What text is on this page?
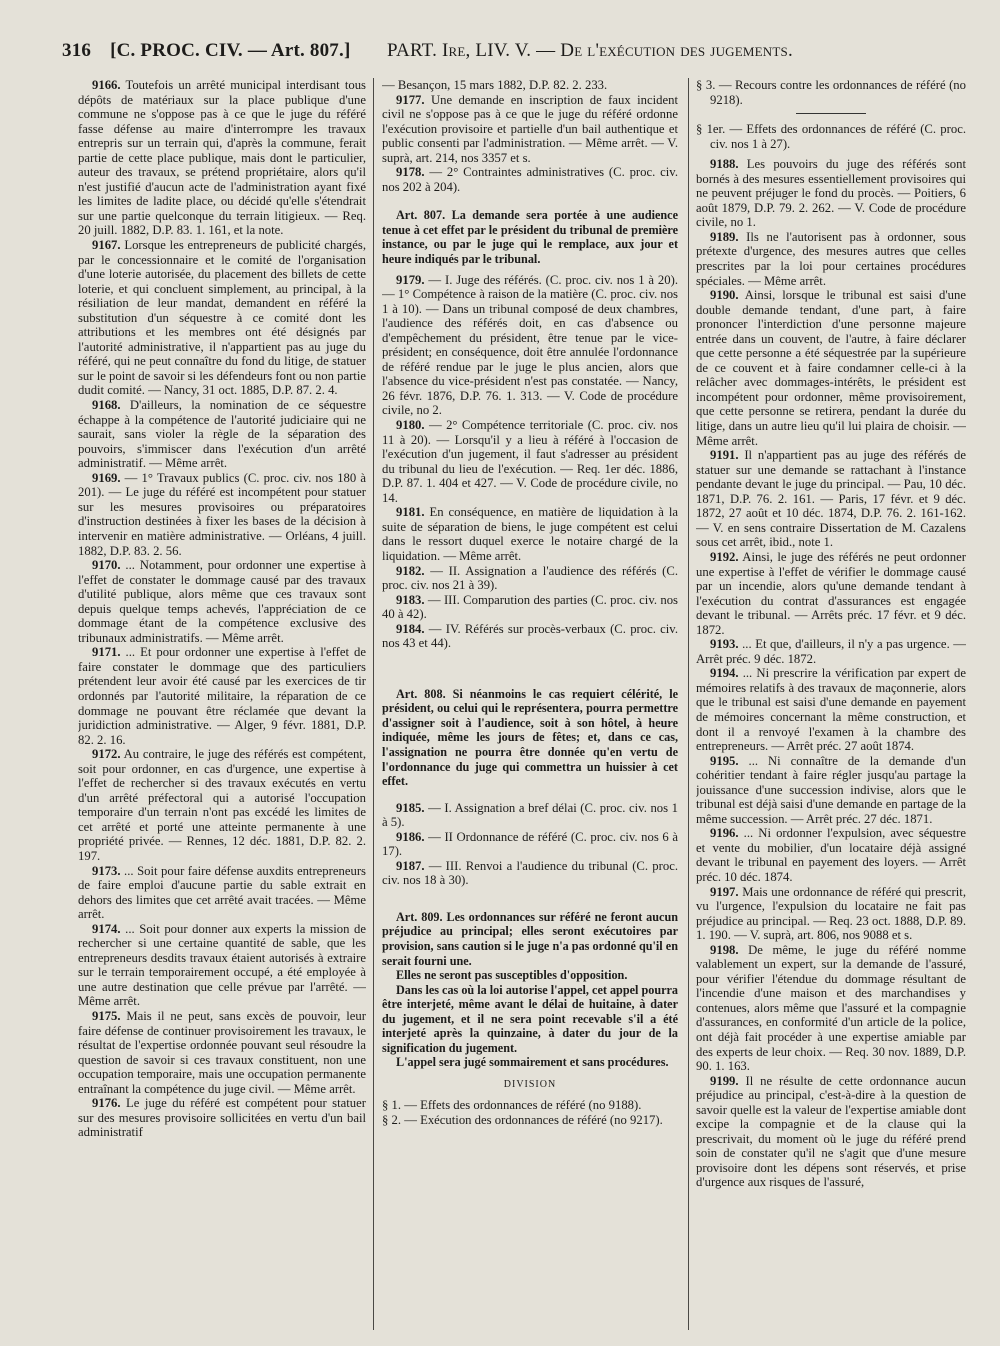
316 [C. PROC. CIV. — Art. 807.] PART. Ire, LIV. V. — De l'exécution des jugements.

9166. Toutefois un arrêté municipal interdisant tous dépôts de matériaux sur la place publique d'une commune ne s'oppose pas à ce que le juge du référé fasse défense au maire d'interrompre les travaux entrepris sur un terrain qui, d'après la commune, ferait partie de cette place publique, mais dont le particulier, auteur des travaux, se prétend propriétaire, alors qu'il n'est justifié d'aucun acte de l'administration ayant fixé les limites de ladite place, ou décidé qu'elle s'étendrait sur une partie quelconque du terrain litigieux. — Req. 20 juill. 1882, D.P. 83. 1. 161, et la note.

9167. Lorsque les entrepreneurs de publicité chargés, par le concessionnaire et le comité de l'organisation d'une loterie autorisée, du placement des billets de cette loterie, et qui concluent simplement, au principal, à la résiliation de leur mandat, demandent en référé la substitution d'un séquestre à ce comité dont les attributions et les membres ont été désignés par l'autorité administrative, il n'appartient pas au juge du référé, qui ne peut connaître du fond du litige, de statuer sur le point de savoir si les défendeurs font ou non partie dudit comité. — Nancy, 31 oct. 1885, D.P. 87. 2. 4.

9168. D'ailleurs, la nomination de ce séquestre échappe à la compétence de l'autorité judiciaire qui ne saurait, sans violer la règle de la séparation des pouvoirs, s'immiscer dans l'exécution d'un arrêté administratif. — Même arrêt.

9169. — 1° Travaux publics (C. proc. civ. nos 180 à 201). — Le juge du référé est incompétent pour statuer sur les mesures provisoires ou préparatoires d'instruction destinées à fixer les bases de la décision à intervenir en matière administrative. — Orléans, 4 juill. 1882, D.P. 83. 2. 56.

9170. ... Notamment, pour ordonner une expertise à l'effet de constater le dommage causé par des travaux d'utilité publique, alors même que ces travaux sont depuis quelque temps achevés, l'appréciation de ce dommage étant de la compétence exclusive des tribunaux administratifs. — Même arrêt.

9171. ... Et pour ordonner une expertise à l'effet de faire constater le dommage que des particuliers prétendent leur avoir été causé par les exercices de tir ordonnés par l'autorité militaire, la réparation de ce dommage ne pouvant être réclamée que devant la juridiction administrative. — Alger, 9 févr. 1881, D.P. 82. 2. 16.

9172. Au contraire, le juge des référés est compétent, soit pour ordonner, en cas d'urgence, une expertise à l'effet de rechercher si des travaux exécutés en vertu d'un arrêté préfectoral qui a autorisé l'occupation temporaire d'un terrain n'ont pas excédé les limites de cet arrêté et porté une atteinte permanente à une propriété privée. — Rennes, 12 déc. 1881, D.P. 82. 2. 197.

9173. ... Soit pour faire défense auxdits entrepreneurs de faire emploi d'aucune partie du sable extrait en dehors des limites que cet arrêté avait tracées. — Même arrêt.

9174. ... Soit pour donner aux experts la mission de rechercher si une certaine quantité de sable, que les entrepreneurs desdits travaux étaient autorisés à extraire sur le terrain temporairement occupé, a été employée à une autre destination que celle prévue par l'arrêté. — Même arrêt.

9175. Mais il ne peut, sans excès de pouvoir, leur faire défense de continuer provisoirement les travaux, le résultat de l'expertise ordonnée pouvant seul résoudre la question de savoir si ces travaux constituent, non une occupation temporaire, mais une occupation permanente entraînant la compétence du juge civil. — Même arrêt.

9176. Le juge du référé est compétent pour statuer sur des mesures provisoire sollicitées en vertu d'un bail administratif

— Besançon, 15 mars 1882, D.P. 82. 2. 233.

9177. Une demande en inscription de faux incident civil ne s'oppose pas à ce que le juge du référé ordonne l'exécution provisoire et partielle d'un bail authentique et public consenti par l'administration. — Même arrêt. — V. suprà, art. 214, nos 3357 et s.

9178. — 2° Contraintes administratives (C. proc. civ. nos 202 à 204).

Art. 807. La demande sera portée à une audience tenue à cet effet par le président du tribunal de première instance, ou par le juge qui le remplace, aux jour et heure indiqués par le tribunal.

9179. — I. Juge des référés. (C. proc. civ. nos 1 à 20). — 1° Compétence à raison de la matière (C. proc. civ. nos 1 à 10). — Dans un tribunal composé de deux chambres, l'audience des référés doit, en cas d'absence ou d'empêchement du président, être tenue par le vice-président; en conséquence, doit être annulée l'ordonnance de référé rendue par le juge le plus ancien, alors que l'absence du vice-président n'est pas constatée. — Nancy, 26 févr. 1876, D.P. 76. 1. 313. — V. Code de procédure civile, no 2.

9180. — 2° Compétence territoriale (C. proc. civ. nos 11 à 20). — Lorsqu'il y a lieu à référé à l'occasion de l'exécution d'un jugement, il faut s'adresser au président du tribunal du lieu de l'exécution. — Req. 1er déc. 1886, D.P. 87. 1. 404 et 427. — V. Code de procédure civile, no 14.

9181. En conséquence, en matière de liquidation à la suite de séparation de biens, le juge compétent est celui dans le ressort duquel exerce le notaire chargé de la liquidation. — Même arrêt.

9182. — II. Assignation a l'audience des référés (C. proc. civ. nos 21 à 39).

9183. — III. Comparution des parties (C. proc. civ. nos 40 à 42).

9184. — IV. Référés sur procès-verbaux (C. proc. civ. nos 43 et 44).

Art. 808. Si néanmoins le cas requiert célérité, le président, ou celui qui le représentera, pourra permettre d'assigner soit à l'audience, soit à son hôtel, à heure indiquée, même les jours de fêtes; et, dans ce cas, l'assignation ne pourra être donnée qu'en vertu de l'ordonnance du juge qui commettra un huissier à cet effet.

9185. — I. Assignation a bref délai (C. proc. civ. nos 1 à 5).

9186. — II Ordonnance de référé (C. proc. civ. nos 6 à 17).

9187. — III. Renvoi a l'audience du tribunal (C. proc. civ. nos 18 à 30).

Art. 809. Les ordonnances sur référé ne feront aucun préjudice au principal; elles seront exécutoires par provision, sans caution si le juge n'a pas ordonné qu'il en serait fourni une.

Elles ne seront pas susceptibles d'opposition.

Dans les cas où la loi autorise l'appel, cet appel pourra être interjeté, même avant le délai de huitaine, à dater du jugement, et il ne sera point recevable s'il a été interjeté après la quinzaine, à dater du jour de la signification du jugement.

L'appel sera jugé sommairement et sans procédures.

DIVISION

§ 1. — Effets des ordonnances de référé (no 9188).

§ 2. — Exécution des ordonnances de référé (no 9217).

§ 3. — Recours contre les ordonnances de référé (no 9218).

§ 1er. — Effets des ordonnances de référé (C. proc. civ. nos 1 à 27).

9188. Les pouvoirs du juge des référés sont bornés à des mesures essentiellement provisoires qui ne peuvent préjuger le fond du procès. — Poitiers, 6 août 1879, D.P. 79. 2. 262. — V. Code de procédure civile, no 1.

9189. Ils ne l'autorisent pas à ordonner, sous prétexte d'urgence, des mesures autres que celles prescrites par la loi pour certaines procédures spéciales. — Même arrêt.

9190. Ainsi, lorsque le tribunal est saisi d'une double demande tendant, d'une part, à faire prononcer l'interdiction d'une personne majeure entrée dans un couvent, de l'autre, à faire déclarer que cette personne a été séquestrée par la supérieure de ce couvent et à faire condamner celle-ci à la relâcher avec dommages-intérêts, le président est incompétent pour ordonner, même provisoirement, que cette personne se retirera, pendant la durée du litige, dans un autre lieu qu'il lui plaira de choisir. — Même arrêt.

9191. Il n'appartient pas au juge des référés de statuer sur une demande se rattachant à l'instance pendante devant le juge du principal. — Pau, 10 déc. 1871, D.P. 76. 2. 161. — Paris, 17 févr. et 9 déc. 1872, 27 août et 10 déc. 1874, D.P. 76. 2. 161-162. — V. en sens contraire Dissertation de M. Cazalens sous cet arrêt, ibid., note 1.

9192. Ainsi, le juge des référés ne peut ordonner une expertise à l'effet de vérifier le dommage causé par un incendie, alors qu'une demande tendant à l'exécution du contrat d'assurances est engagée devant le tribunal. — Arrêts préc. 17 févr. et 9 déc. 1872.

9193. ... Et que, d'ailleurs, il n'y a pas urgence. — Arrêt préc. 9 déc. 1872.

9194. ... Ni prescrire la vérification par expert de mémoires relatifs à des travaux de maçonnerie, alors que le tribunal est saisi d'une demande en payement de mémoires concernant la même construction, et dont il a renvoyé l'examen à la chambre des entrepreneurs. — Arrêt préc. 27 août 1874.

9195. ... Ni connaître de la demande d'un cohéritier tendant à faire régler jusqu'au partage la jouissance d'une succession indivise, alors que le tribunal est déjà saisi d'une demande en partage de la même succession. — Arrêt préc. 27 déc. 1871.

9196. ... Ni ordonner l'expulsion, avec séquestre et vente du mobilier, d'un locataire déjà assigné devant le tribunal en payement des loyers. — Arrêt préc. 10 déc. 1874.

9197. Mais une ordonnance de référé qui prescrit, vu l'urgence, l'expulsion du locataire ne fait pas préjudice au principal. — Req. 23 oct. 1888, D.P. 89. 1. 190. — V. suprà, art. 806, nos 9088 et s.

9198. De même, le juge du référé nomme valablement un expert, sur la demande de l'assuré, pour vérifier l'étendue du dommage résultant de l'incendie d'une maison et des marchandises y contenues, alors même que l'assuré et la compagnie d'assurances, en conformité d'un article de la police, ont déjà fait procéder à une expertise amiable par des experts de leur choix. — Req. 30 nov. 1889, D.P. 90. 1. 163.

9199. Il ne résulte de cette ordonnance aucun préjudice au principal, c'est-à-dire à la question de savoir quelle est la valeur de l'expertise amiable dont excipe la compagnie et de la clause qui la prescrivait, du moment où le juge du référé prend soin de constater qu'il ne s'agit que d'une mesure provisoire dont les dépens sont réservés, et prise d'urgence aux risques de l'assuré,
